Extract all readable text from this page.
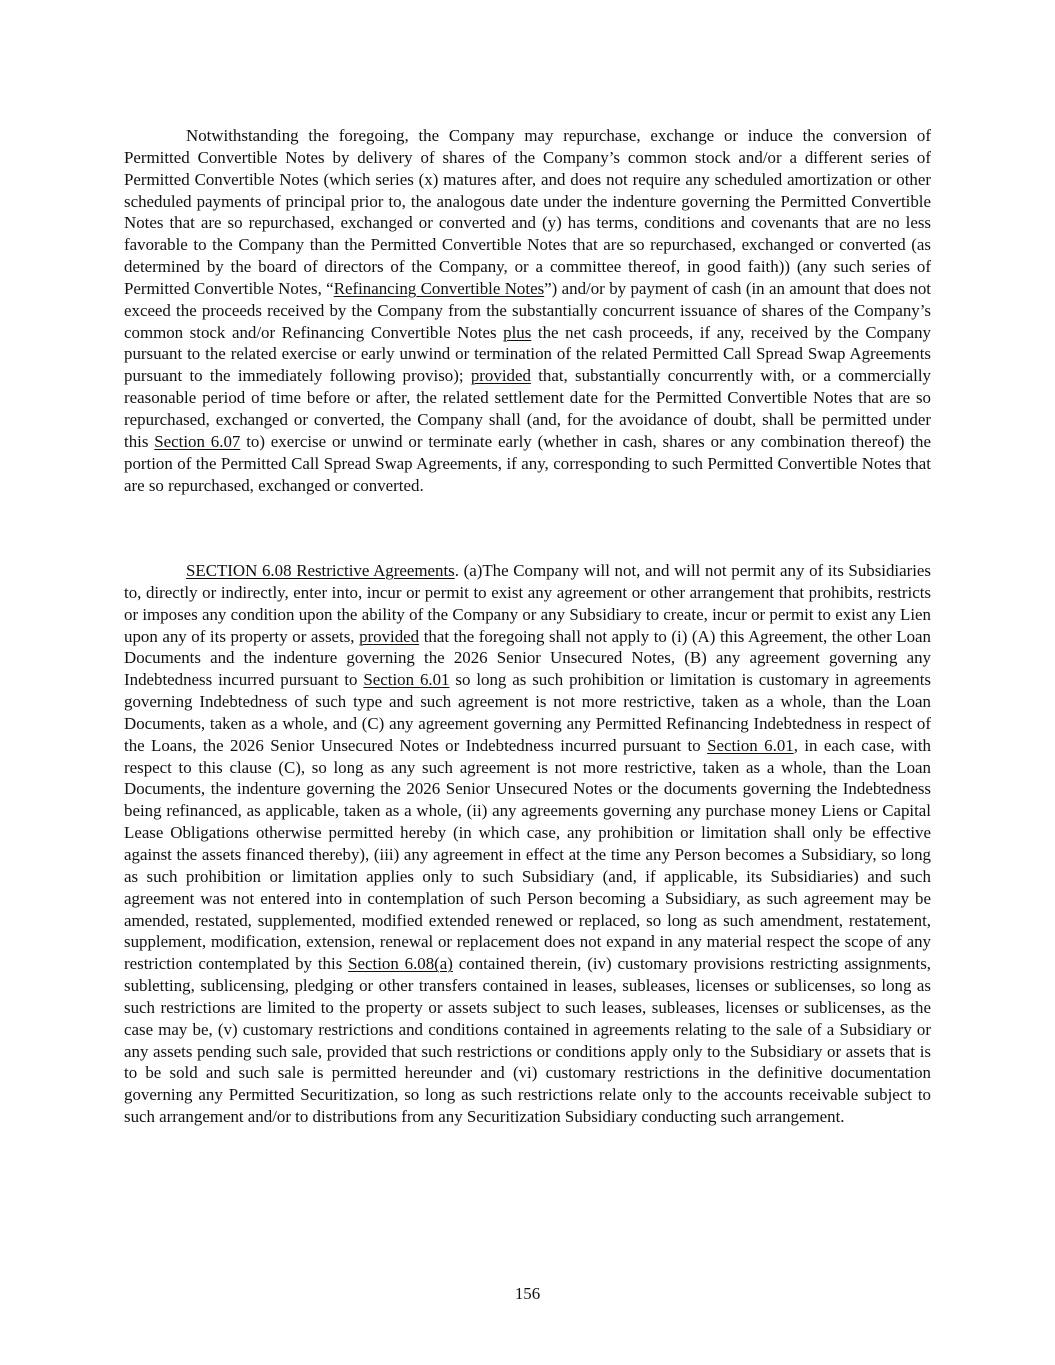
Notwithstanding the foregoing, the Company may repurchase, exchange or induce the conversion of Permitted Convertible Notes by delivery of shares of the Company’s common stock and/or a different series of Permitted Convertible Notes (which series (x) matures after, and does not require any scheduled amortization or other scheduled payments of principal prior to, the analogous date under the indenture governing the Permitted Convertible Notes that are so repurchased, exchanged or converted and (y) has terms, conditions and covenants that are no less favorable to the Company than the Permitted Convertible Notes that are so repurchased, exchanged or converted (as determined by the board of directors of the Company, or a committee thereof, in good faith)) (any such series of Permitted Convertible Notes, “Refinancing Convertible Notes”) and/or by payment of cash (in an amount that does not exceed the proceeds received by the Company from the substantially concurrent issuance of shares of the Company’s common stock and/or Refinancing Convertible Notes plus the net cash proceeds, if any, received by the Company pursuant to the related exercise or early unwind or termination of the related Permitted Call Spread Swap Agreements pursuant to the immediately following proviso); provided that, substantially concurrently with, or a commercially reasonable period of time before or after, the related settlement date for the Permitted Convertible Notes that are so repurchased, exchanged or converted, the Company shall (and, for the avoidance of doubt, shall be permitted under this Section 6.07 to) exercise or unwind or terminate early (whether in cash, shares or any combination thereof) the portion of the Permitted Call Spread Swap Agreements, if any, corresponding to such Permitted Convertible Notes that are so repurchased, exchanged or converted.

SECTION 6.08 Restrictive Agreements. (a)The Company will not, and will not permit any of its Subsidiaries to, directly or indirectly, enter into, incur or permit to exist any agreement or other arrangement that prohibits, restricts or imposes any condition upon the ability of the Company or any Subsidiary to create, incur or permit to exist any Lien upon any of its property or assets, provided that the foregoing shall not apply to (i) (A) this Agreement, the other Loan Documents and the indenture governing the 2026 Senior Unsecured Notes, (B) any agreement governing any Indebtedness incurred pursuant to Section 6.01 so long as such prohibition or limitation is customary in agreements governing Indebtedness of such type and such agreement is not more restrictive, taken as a whole, than the Loan Documents, taken as a whole, and (C) any agreement governing any Permitted Refinancing Indebtedness in respect of the Loans, the 2026 Senior Unsecured Notes or Indebtedness incurred pursuant to Section 6.01, in each case, with respect to this clause (C), so long as any such agreement is not more restrictive, taken as a whole, than the Loan Documents, the indenture governing the 2026 Senior Unsecured Notes or the documents governing the Indebtedness being refinanced, as applicable, taken as a whole, (ii) any agreements governing any purchase money Liens or Capital Lease Obligations otherwise permitted hereby (in which case, any prohibition or limitation shall only be effective against the assets financed thereby), (iii) any agreement in effect at the time any Person becomes a Subsidiary, so long as such prohibition or limitation applies only to such Subsidiary (and, if applicable, its Subsidiaries) and such agreement was not entered into in contemplation of such Person becoming a Subsidiary, as such agreement may be amended, restated, supplemented, modified extended renewed or replaced, so long as such amendment, restatement, supplement, modification, extension, renewal or replacement does not expand in any material respect the scope of any restriction contemplated by this Section 6.08(a) contained therein, (iv) customary provisions restricting assignments, subletting, sublicensing, pledging or other transfers contained in leases, subleases, licenses or sublicenses, so long as such restrictions are limited to the property or assets subject to such leases, subleases, licenses or sublicenses, as the case may be, (v) customary restrictions and conditions contained in agreements relating to the sale of a Subsidiary or any assets pending such sale, provided that such restrictions or conditions apply only to the Subsidiary or assets that is to be sold and such sale is permitted hereunder and (vi) customary restrictions in the definitive documentation governing any Permitted Securitization, so long as such restrictions relate only to the accounts receivable subject to such arrangement and/or to distributions from any Securitization Subsidiary conducting such arrangement.

156
